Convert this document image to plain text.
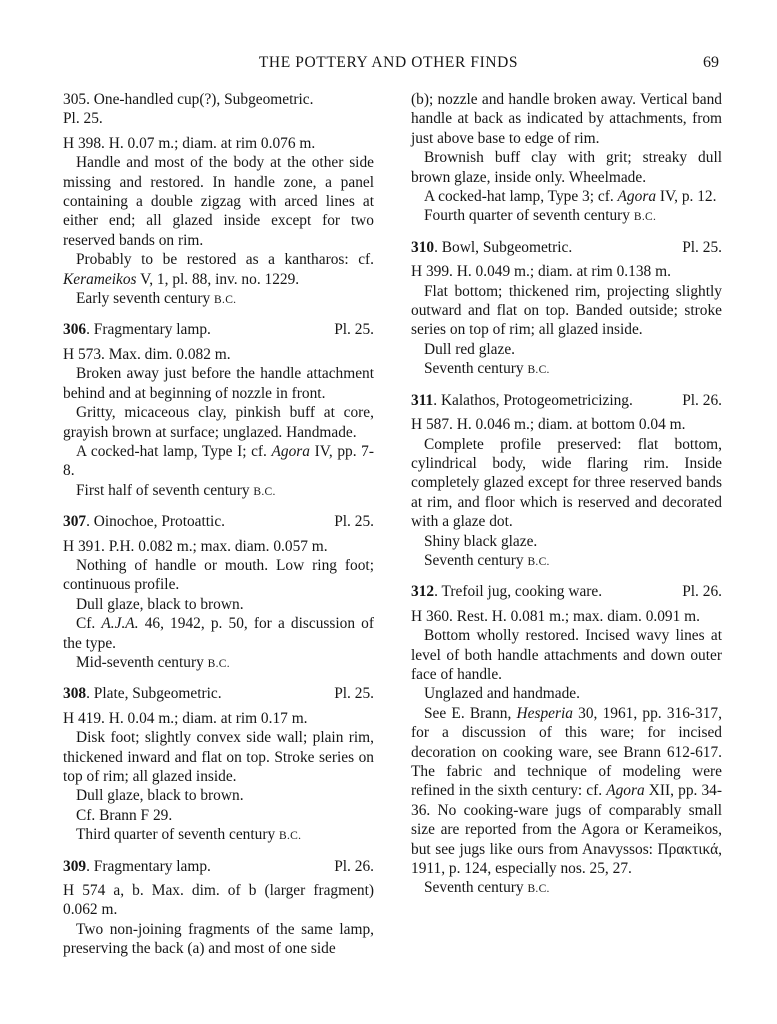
THE POTTERY AND OTHER FINDS	69

305. One-handled cup(?), Subgeometric.

Pl. 25.

H 398. H. 0.07 m.; diam. at rim 0.076 m.

Handle and most of the body at the other side missing and restored. In handle zone, a panel containing a double zigzag with arced lines at either end; all glazed inside except for two reserved bands on rim.

Probably to be restored as a kantharos: cf. Kerameikos V, 1, pl. 88, inv. no. 1229.

Early seventh century B.C.

306. Fragmentary lamp.	Pl. 25.

H 573. Max. dim. 0.082 m.

Broken away just before the handle attachment behind and at beginning of nozzle in front.

Gritty, micaceous clay, pinkish buff at core, grayish brown at surface; unglazed. Handmade.

A cocked-hat lamp, Type I; cf. Agora IV, pp. 7-8.

First half of seventh century B.C.

307. Oinochoe, Protoattic.	Pl. 25.

H 391. P.H. 0.082 m.; max. diam. 0.057 m.

Nothing of handle or mouth. Low ring foot; continuous profile.

Dull glaze, black to brown.

Cf. A.J.A. 46, 1942, p. 50, for a discussion of the type.

Mid-seventh century B.C.

308. Plate, Subgeometric.	Pl. 25.

H 419. H. 0.04 m.; diam. at rim 0.17 m.

Disk foot; slightly convex side wall; plain rim, thickened inward and flat on top. Stroke series on top of rim; all glazed inside.

Dull glaze, black to brown.

Cf. Brann F 29.

Third quarter of seventh century B.C.

309. Fragmentary lamp.	Pl. 26.

H 574 a, b. Max. dim. of b (larger fragment) 0.062 m.

Two non-joining fragments of the same lamp, preserving the back (a) and most of one side

(b); nozzle and handle broken away. Vertical band handle at back as indicated by attachments, from just above base to edge of rim.

Brownish buff clay with grit; streaky dull brown glaze, inside only. Wheelmade.

A cocked-hat lamp, Type 3; cf. Agora IV, p. 12.

Fourth quarter of seventh century B.C.

310. Bowl, Subgeometric.	Pl. 25.

H 399. H. 0.049 m.; diam. at rim 0.138 m.

Flat bottom; thickened rim, projecting slightly outward and flat on top. Banded outside; stroke series on top of rim; all glazed inside.

Dull red glaze.

Seventh century B.C.

311. Kalathos, Protogeometricizing.	Pl. 26.

H 587. H. 0.046 m.; diam. at bottom 0.04 m.

Complete profile preserved: flat bottom, cylindrical body, wide flaring rim. Inside completely glazed except for three reserved bands at rim, and floor which is reserved and decorated with a glaze dot.

Shiny black glaze.

Seventh century B.C.

312. Trefoil jug, cooking ware.	Pl. 26.

H 360. Rest. H. 0.081 m.; max. diam. 0.091 m.

Bottom wholly restored. Incised wavy lines at level of both handle attachments and down outer face of handle.

Unglazed and handmade.

See E. Brann, Hesperia 30, 1961, pp. 316-317, for a discussion of this ware; for incised decoration on cooking ware, see Brann 612-617. The fabric and technique of modeling were refined in the sixth century: cf. Agora XII, pp. 34-36. No cooking-ware jugs of comparably small size are reported from the Agora or Kerameikos, but see jugs like ours from Anavyssos: Πρακτικά, 1911, p. 124, especially nos. 25, 27.

Seventh century B.C.
